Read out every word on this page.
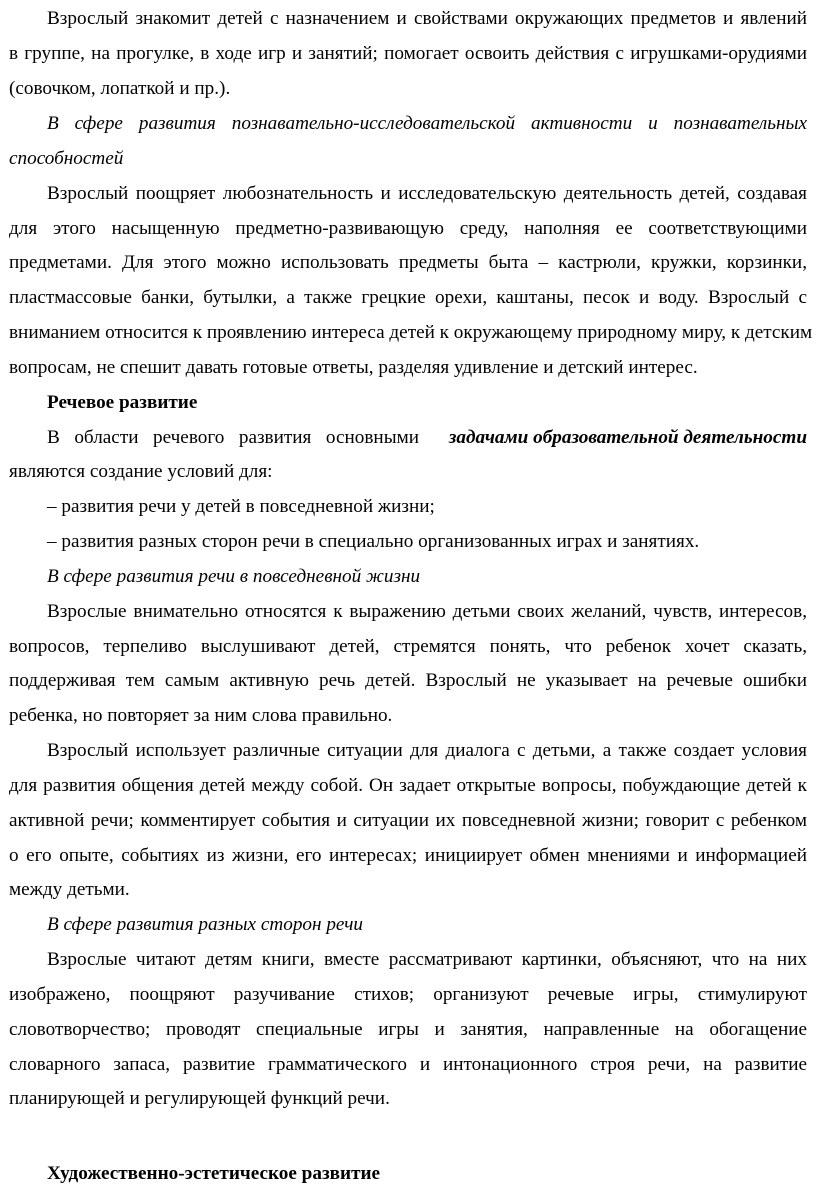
Взрослый знакомит детей с назначением и свойствами окружающих предметов и явлений
в группе, на прогулке, в ходе игр и занятий; помогает освоить действия с игрушками-орудиями
(совочком, лопаткой и пр.).
В сфере развития познавательно-исследовательской активности и познавательных
способностей
Взрослый поощряет любознательность и исследовательскую деятельность детей, создавая
для этого насыщенную предметно-развивающую среду, наполняя ее соответствующими
предметами. Для этого можно использовать предметы быта – кастрюли, кружки, корзинки,
пластмассовые банки, бутылки, а также грецкие орехи, каштаны, песок и воду. Взрослый с
вниманием относится к проявлению интереса детей к окружающему природному миру, к детским
вопросам, не спешит давать готовые ответы, разделяя удивление и детский интерес.
Речевое развитие
В области речевого развития основными задачами образовательной деятельности
являются создание условий для:
– развития речи у детей в повседневной жизни;
– развития разных сторон речи в специально организованных играх и занятиях.
В сфере развития речи в повседневной жизни
Взрослые внимательно относятся к выражению детьми своих желаний, чувств, интересов,
вопросов, терпеливо выслушивают детей, стремятся понять, что ребенок хочет сказать,
поддерживая тем самым активную речь детей. Взрослый не указывает на речевые ошибки
ребенка, но повторяет за ним слова правильно.
Взрослый использует различные ситуации для диалога с детьми, а также создает условия
для развития общения детей между собой. Он задает открытые вопросы, побуждающие детей к
активной речи; комментирует события и ситуации их повседневной жизни; говорит с ребенком
о его опыте, событиях из жизни, его интересах; инициирует обмен мнениями и информацией
между детьми.
В сфере развития разных сторон речи
Взрослые читают детям книги, вместе рассматривают картинки, объясняют, что на них
изображено, поощряют разучивание стихов; организуют речевые игры, стимулируют
словотворчество; проводят специальные игры и занятия, направленные на обогащение
словарного запаса, развитие грамматического и интонационного строя речи, на развитие
планирующей и регулирующей функций речи.
Художественно-эстетическое развитие
